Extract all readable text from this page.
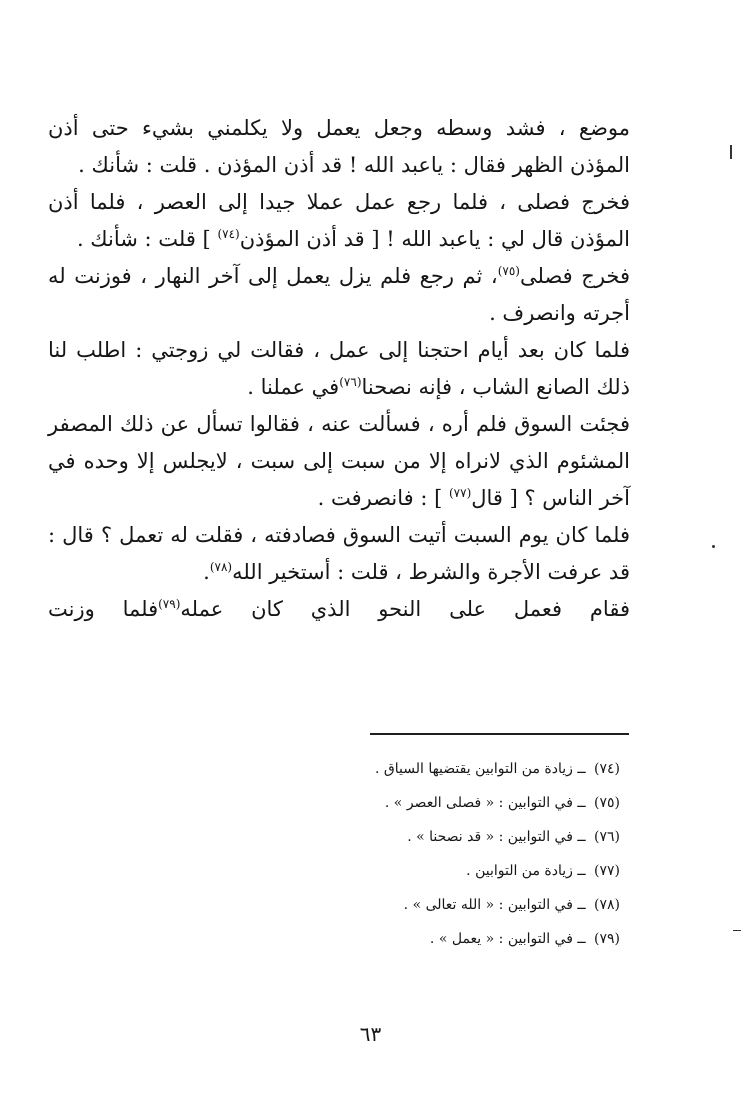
موضع ، فشد وسطه وجعل يعمل ولا يكلمني بشيء حتى أذن المؤذن الظهر فقال : ياعبد الله ! قد أذن المؤذن . قلت : شأنك .

فخرج فصلى ، فلما رجع عمل عملا جيدا إلى العصر ، فلما أذن المؤذن قال لي : ياعبد الله ! [ قد أذن المؤذن$^{(٧٤)}$ ] قلت : شأنك .

فخرج فصلى$^{(٧٥)}$، ثم رجع فلم يزل يعمل إلى آخر النهار ، فوزنت له أجرته وانصرف .

فلما كان بعد أيام احتجنا إلى عمل ، فقالت لي زوجتي : اطلب لنا ذلك الصانع الشاب ، فإنه نصحنا$^{(٧٦)}$في عملنا .

فجئت السوق فلم أره ، فسألت عنه ، فقالوا تسأل عن ذلك المصفر المشئوم الذي لانراه إلا من سبت إلى سبت ، لايجلس إلا وحده في آخر الناس ؟ [ قال$^{(٧٧)}$ ] : فانصرفت .

فلما كان يوم السبت أتيت السوق فصادفته ، فقلت له تعمل ؟ قال : قد عرفت الأجرة والشرط ، قلت : أستخير الله$^{(٧٨)}$.

فقام فعمل على النحو الذي كان عمله$^{(٧٩)}$فلما وزنت

(٧٤) ــ زيادة من التوابين يقتضيها السياق .
(٧٥) ــ في التوابين : « فصلى العصر » .
(٧٦) ــ في التوابين : « قد نصحنا » .
(٧٧) ــ زيادة من التوابين .
(٧٨) ــ في التوابين : « الله تعالى » .
(٧٩) ــ في التوابين : « يعمل » .
٦٣
